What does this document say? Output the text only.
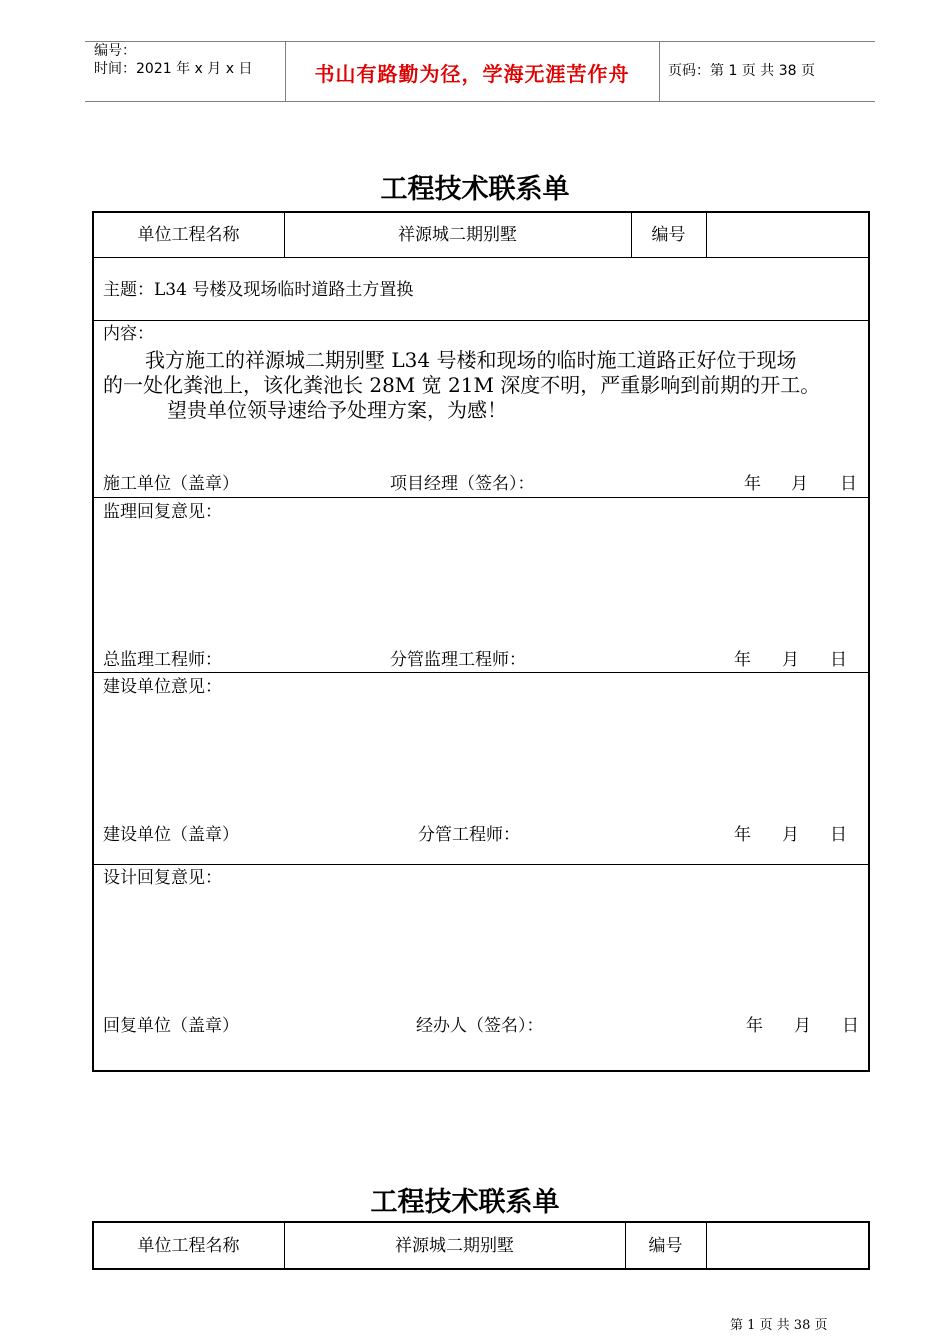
编号：
时间：2021 年 x 月 x 日	书山有路勤为径，学海无涯苦作舟	页码：第 1 页 共 38 页
工程技术联系单
单位工程名称	祥源城二期别墅	编号
主题：L34 号楼及现场临时道路土方置换
内容：
我方施工的祥源城二期别墅 L34 号楼和现场的临时施工道路正好位于现场
的一处化粪池上，该化粪池长 28M 宽 21M 深度不明，严重影响到前期的开工。
望贵单位领导速给予处理方案，为感！
施工单位（盖章）	项目经理（签名）：	年 月 日
监理回复意见：
总监理工程师：	分管监理工程师：	年 月 日
建设单位意见：
建设单位（盖章）	分管工程师：	年 月 日
设计回复意见：
回复单位（盖章）	经办人（签名）：	年 月 日
工程技术联系单
单位工程名称	祥源城二期别墅	编号
第 1 页 共 38 页
